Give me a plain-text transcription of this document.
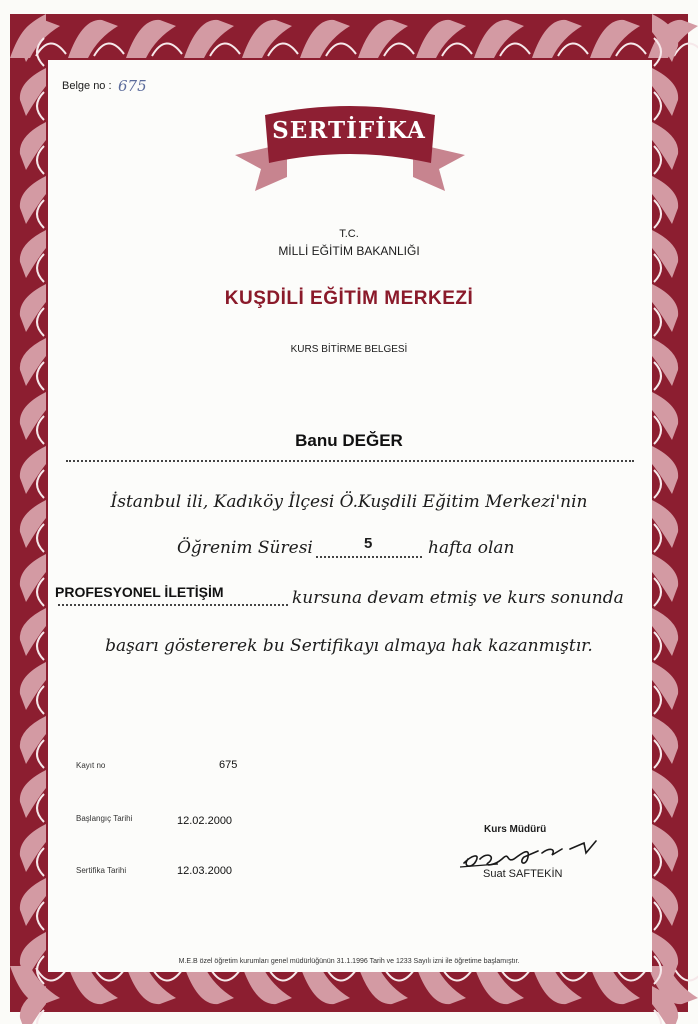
Belge no : 675
SERTİFİKA
T.C.
MİLLİ EĞİTİM BAKANLIĞI
KUŞDİLİ EĞİTİM MERKEZİ
KURS BİTİRME BELGESİ
Banu DEĞER
İstanbul ili, Kadıköy İlçesi Ö.Kuşdili Eğitim Merkezi'nin
Öğrenim Süresi	5	hafta olan
PROFESYONEL İLETİŞİM	kursuna devam etmiş ve kurs sonunda
başarı göstererek bu Sertifikayı almaya hak kazanmıştır.
Kayıt no	675
Başlangıç Tarihi	12.02.2000
Sertifika Tarihi	12.03.2000
Kurs Müdürü
Suat SAFTEKİN
M.E.B özel öğretim kurumları genel müdürlüğünün 31.1.1996 Tarih ve 1233 Sayılı izni ile öğretime başlamıştır.
